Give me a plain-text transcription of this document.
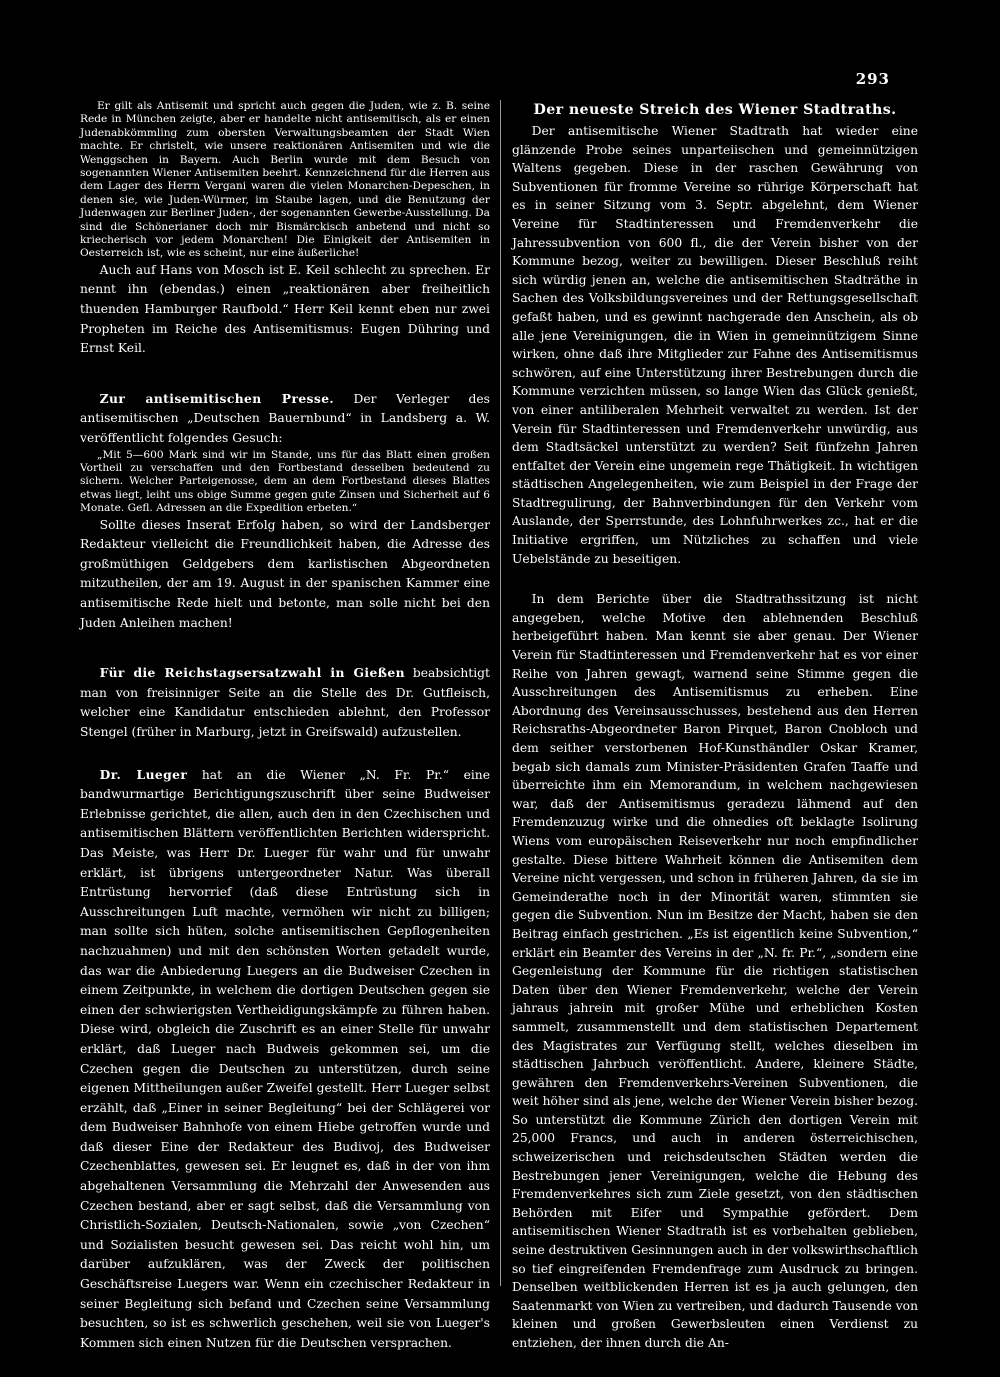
293

Er gilt als Antisemit und spricht auch gegen die Juden, wie z. B. seine Rede in München zeigte, aber er handelte nicht antisemitisch, als er einen Judenabkömmling zum obersten Verwaltungsbeamten der Stadt Wien machte. Er christelt, wie unsere reaktionären Antisemiten und wie die Wenggschen in Bayern. Auch Berlin wurde mit dem Besuch von sogenannten Wiener Antisemiten beehrt. Kennzeichnend für die Herren aus dem Lager des Herrn Vergani waren die vielen Monarchen-Depeschen, in denen sie, wie Juden-Würmer, im Staube lagen, und die Benutzung der Judenwagen zur Berliner Juden-, der sogenannten Gewerbe-Ausstellung. Da sind die Schönerianer doch mir Bismärckisch anbetend und nicht so kriecherisch vor jedem Monarchen! Die Einigkeit der Antisemiten in Oesterreich ist, wie es scheint, nur eine äußerliche!

Auch auf Hans von Mosch ist E. Keil schlecht zu sprechen. Er nennt ihn (ebendas.) einen „reaktionären aber freiheitlich thuenden Hamburger Raufbold.“ Herr Keil kennt eben nur zwei Propheten im Reiche des Antisemitismus: Eugen Dühring und Ernst Keil.

Zur antisemitischen Presse. Der Verleger des antisemitischen „Deutschen Bauernbund“ in Landsberg a. W. veröffentlicht folgendes Gesuch:

„Mit 5—600 Mark sind wir im Stande, uns für das Blatt einen großen Vortheil zu verschaffen und den Fortbestand desselben bedeutend zu sichern. Welcher Parteigenosse, dem an dem Fortbestand dieses Blattes etwas liegt, leiht uns obige Summe gegen gute Zinsen und Sicherheit auf 6 Monate. Gefl. Adressen an die Expedition erbeten.“

Sollte dieses Inserat Erfolg haben, so wird der Landsberger Redakteur vielleicht die Freundlichkeit haben, die Adresse des großmüthigen Geldgebers dem karlistischen Abgeordneten mitzutheilen, der am 19. August in der spanischen Kammer eine antisemitische Rede hielt und betonte, man solle nicht bei den Juden Anleihen machen!

Für die Reichstagsersatzwahl in Gießen beabsichtigt man von freisinniger Seite an die Stelle des Dr. Gutfleisch, welcher eine Kandidatur entschieden ablehnt, den Professor Stengel (früher in Marburg, jetzt in Greifswald) aufzustellen.

Dr. Lueger hat an die Wiener „N. Fr. Pr.“ eine bandwurmartige Berichtigungszuschrift über seine Budweiser Erlebnisse gerichtet, die allen, auch den in den Czechischen und antisemitischen Blättern veröffentlichten Berichten widerspricht. Das Meiste, was Herr Dr. Lueger für wahr und für unwahr erklärt, ist übrigens untergeordneter Natur. Was überall Entrüstung hervorrief (daß diese Entrüstung sich in Ausschreitungen Luft machte, vermöhen wir nicht zu billigen; man sollte sich hüten, solche antisemitischen Gepflogenheiten nachzuahmen) und mit den schönsten Worten getadelt wurde, das war die Anbiederung Luegers an die Budweiser Czechen in einem Zeitpunkte, in welchem die dortigen Deutschen gegen sie einen der schwierigsten Vertheidigungskämpfe zu führen haben. Diese wird, obgleich die Zuschrift es an einer Stelle für unwahr erklärt, daß Lueger nach Budweis gekommen sei, um die Czechen gegen die Deutschen zu unterstützen, durch seine eigenen Mittheilungen außer Zweifel gestellt. Herr Lueger selbst erzählt, daß „Einer in seiner Begleitung“ bei der Schlägerei vor dem Budweiser Bahnhofe von einem Hiebe getroffen wurde und daß dieser Eine der Redakteur des Budivoj, des Budweiser Czechenblattes, gewesen sei. Er leugnet es, daß in der von ihm abgehaltenen Versammlung die Mehrzahl der Anwesenden aus Czechen bestand, aber er sagt selbst, daß die Versammlung von Christlich-Sozialen, Deutsch-Nationalen, sowie „von Czechen“ und Sozialisten besucht gewesen sei. Das reicht wohl hin, um darüber aufzuklären, was der Zweck der politischen Geschäftsreise Luegers war. Wenn ein czechischer Redakteur in seiner Begleitung sich befand und Czechen seine Versammlung besuchten, so ist es schwerlich geschehen, weil sie von Lueger's Kommen sich einen Nutzen für die Deutschen versprachen.

Der neueste Streich des Wiener Stadtraths.

Der antisemitische Wiener Stadtrath hat wieder eine glänzende Probe seines unparteiischen und gemeinnützigen Waltens gegeben. Diese in der raschen Gewährung von Subventionen für fromme Vereine so rührige Körperschaft hat es in seiner Sitzung vom 3. Septr. abgelehnt, dem Wiener Vereine für Stadtinteressen und Fremdenverkehr die Jahressubvention von 600 fl., die der Verein bisher von der Kommune bezog, weiter zu bewilligen. Dieser Beschluß reiht sich würdig jenen an, welche die antisemitischen Stadträthe in Sachen des Volksbildungsvereines und der Rettungsgesellschaft gefaßt haben, und es gewinnt nachgerade den Anschein, als ob alle jene Vereinigungen, die in Wien in gemeinnützigem Sinne wirken, ohne daß ihre Mitglieder zur Fahne des Antisemitismus schwören, auf eine Unterstützung ihrer Bestrebungen durch die Kommune verzichten müssen, so lange Wien das Glück genießt, von einer antiliberalen Mehrheit verwaltet zu werden. Ist der Verein für Stadtinteressen und Fremdenverkehr unwürdig, aus dem Stadtsäckel unterstützt zu werden? Seit fünfzehn Jahren entfaltet der Verein eine ungemein rege Thätigkeit. In wichtigen städtischen Angelegenheiten, wie zum Beispiel in der Frage der Stadtregulirung, der Bahnverbindungen für den Verkehr vom Auslande, der Sperrstunde, des Lohnfuhrwerkes zc., hat er die Initiative ergriffen, um Nützliches zu schaffen und viele Uebelstände zu beseitigen.

In dem Berichte über die Stadtrathssitzung ist nicht angegeben, welche Motive den ablehnenden Beschluß herbeigeführt haben. Man kennt sie aber genau. Der Wiener Verein für Stadtinteressen und Fremdenverkehr hat es vor einer Reihe von Jahren gewagt, warnend seine Stimme gegen die Ausschreitungen des Antisemitismus zu erheben. Eine Abordnung des Vereinsausschusses, bestehend aus den Herren Reichsraths-Abgeordneter Baron Pirquet, Baron Cnobloch und dem seither verstorbenen Hof-Kunsthändler Oskar Kramer, begab sich damals zum Minister-Präsidenten Grafen Taaffe und überreichte ihm ein Memorandum, in welchem nachgewiesen war, daß der Antisemitismus geradezu lähmend auf den Fremdenzuzug wirke und die ohnedies oft beklagte Isolirung Wiens vom europäischen Reiseverkehr nur noch empfindlicher gestalte. Diese bittere Wahrheit können die Antisemiten dem Vereine nicht vergessen, und schon in früheren Jahren, da sie im Gemeinderathe noch in der Minorität waren, stimmten sie gegen die Subvention. Nun im Besitze der Macht, haben sie den Beitrag einfach gestrichen. „Es ist eigentlich keine Subvention,“ erklärt ein Beamter des Vereins in der „N. fr. Pr.“, „sondern eine Gegenleistung der Kommune für die richtigen statistischen Daten über den Wiener Fremdenverkehr, welche der Verein jahraus jahrein mit großer Mühe und erheblichen Kosten sammelt, zusammenstellt und dem statistischen Departement des Magistrates zur Verfügung stellt, welches dieselben im städtischen Jahrbuch veröffentlicht. Andere, kleinere Städte, gewähren den Fremdenverkehrs-Vereinen Subventionen, die weit höher sind als jene, welche der Wiener Verein bisher bezog. So unterstützt die Kommune Zürich den dortigen Verein mit 25,000 Francs, und auch in anderen österreichischen, schweizerischen und reichsdeutschen Städten werden die Bestrebungen jener Vereinigungen, welche die Hebung des Fremdenverkehres sich zum Ziele gesetzt, von den städtischen Behörden mit Eifer und Sympathie gefördert. Dem antisemitischen Wiener Stadtrath ist es vorbehalten geblieben, seine destruktiven Gesinnungen auch in der volkswirthschaftlich so tief eingreifenden Fremdenfrage zum Ausdruck zu bringen. Denselben weitblickenden Herren ist es ja auch gelungen, den Saatenmarkt von Wien zu vertreiben, und dadurch Tausende von kleinen und großen Gewerbsleuten einen Verdienst zu entziehen, der ihnen durch die An-
